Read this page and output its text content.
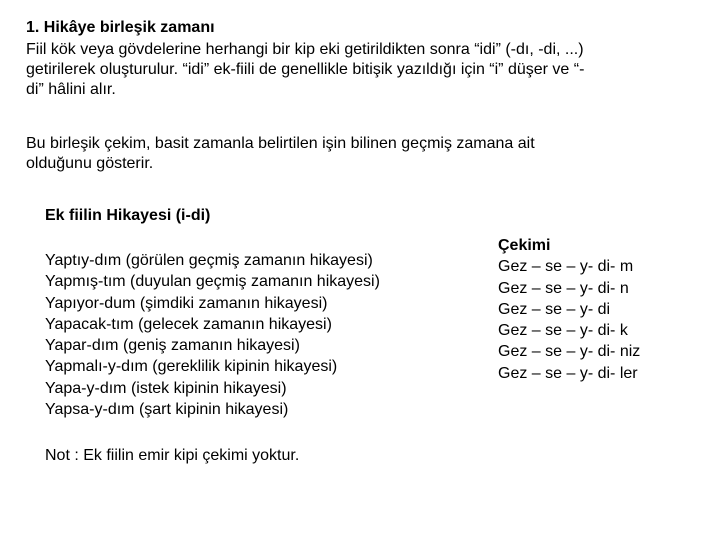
1. Hikâye birleşik zamanı
Fiil kök veya gövdelerine herhangi bir kip eki getirildikten sonra “idi” (-dı, -di, ...)
getirilerek oluşturulur. “idi” ek-fiili de genellikle bitişik yazıldığı için “i” düşer ve “-
di” hâlini alır.
Bu birleşik çekim, basit zamanla belirtilen işin bilinen geçmiş zamana ait
olduğunu gösterir.
Ek fiilin Hikayesi (i-di)
Yaptıy-dım (görülen geçmiş zamanın hikayesi)
Yapmış-tım (duyulan geçmiş zamanın hikayesi)
Yapıyor-dum (şimdiki zamanın hikayesi)
Yapacak-tım (gelecek zamanın hikayesi)
Yapar-dım (geniş zamanın hikayesi)
Yapmalı-y-dım (gereklilik kipinin hikayesi)
Yapa-y-dım (istek kipinin hikayesi)
Yapsa-y-dım (şart kipinin hikayesi)
Çekimi
Gez – se – y- di- m
Gez – se – y- di- n
Gez – se – y- di
Gez – se – y- di- k
Gez – se – y- di- niz
Gez – se – y- di- ler
Not : Ek fiilin emir kipi çekimi yoktur.
